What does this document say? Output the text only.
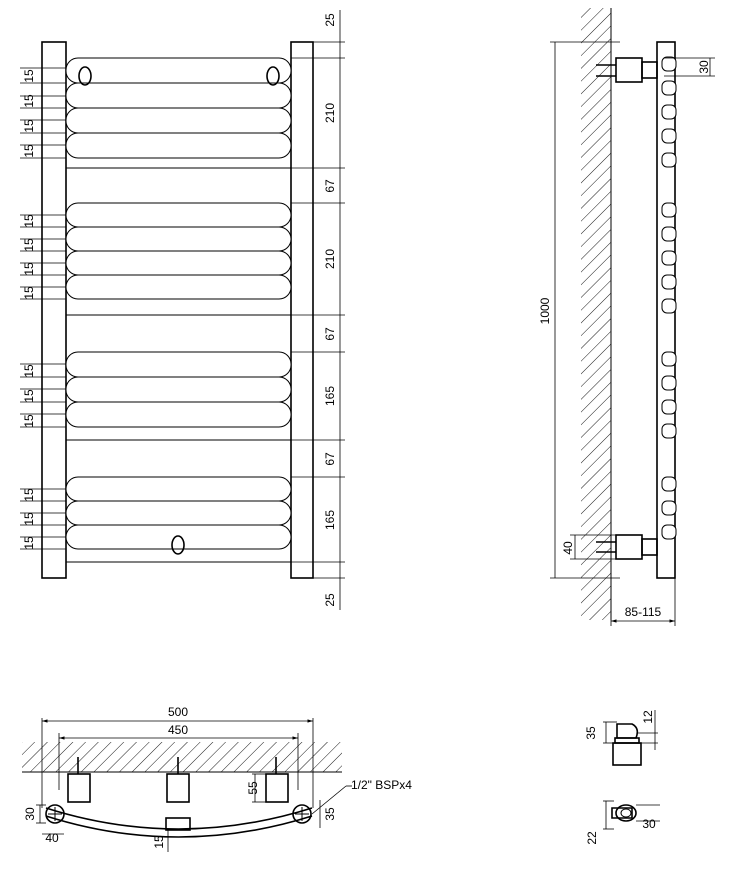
15
15
15
15
15
15
15
15
15
15
15
15
15
15
25
210
67
210
67
165
67
165
25
1000
30
40
85-115
500
450
55	1/2" BSPx4
30
40	15
35
12
35
30
22
